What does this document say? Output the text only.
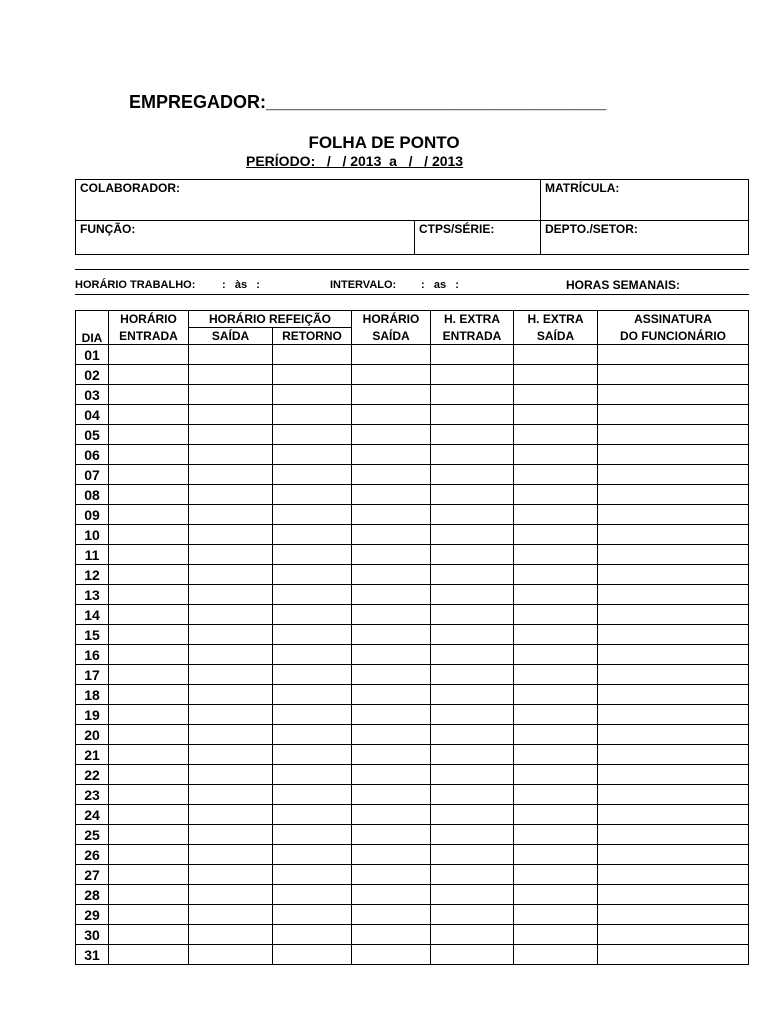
EMPREGADOR:__________________________________
FOLHA DE PONTO
PERÍODO:   /   / 2013  a   /   / 2013
COLABORADOR:	MATRÍCULA:
FUNÇÃO:	CTPS/SÉRIE:	DEPTO./SETOR:
HORÁRIO TRABALHO: :   às   :	INTERVALO: :   as   :	HORAS SEMANAIS:
DIA	HORÁRIO	HORÁRIO REFEIÇÃO		HORÁRIO	H. EXTRA	H. EXTRA	ASSINATURA
	ENTRADA	SAÍDA	RETORNO	SAÍDA	ENTRADA	SAÍDA	DO FUNCIONÁRIO
01							
02							
03							
04							
05							
06							
07							
08							
09							
10							
11							
12							
13							
14							
15							
16							
17							
18							
19							
20							
21							
22							
23							
24							
25							
26							
27							
28							
29							
30							
31							
